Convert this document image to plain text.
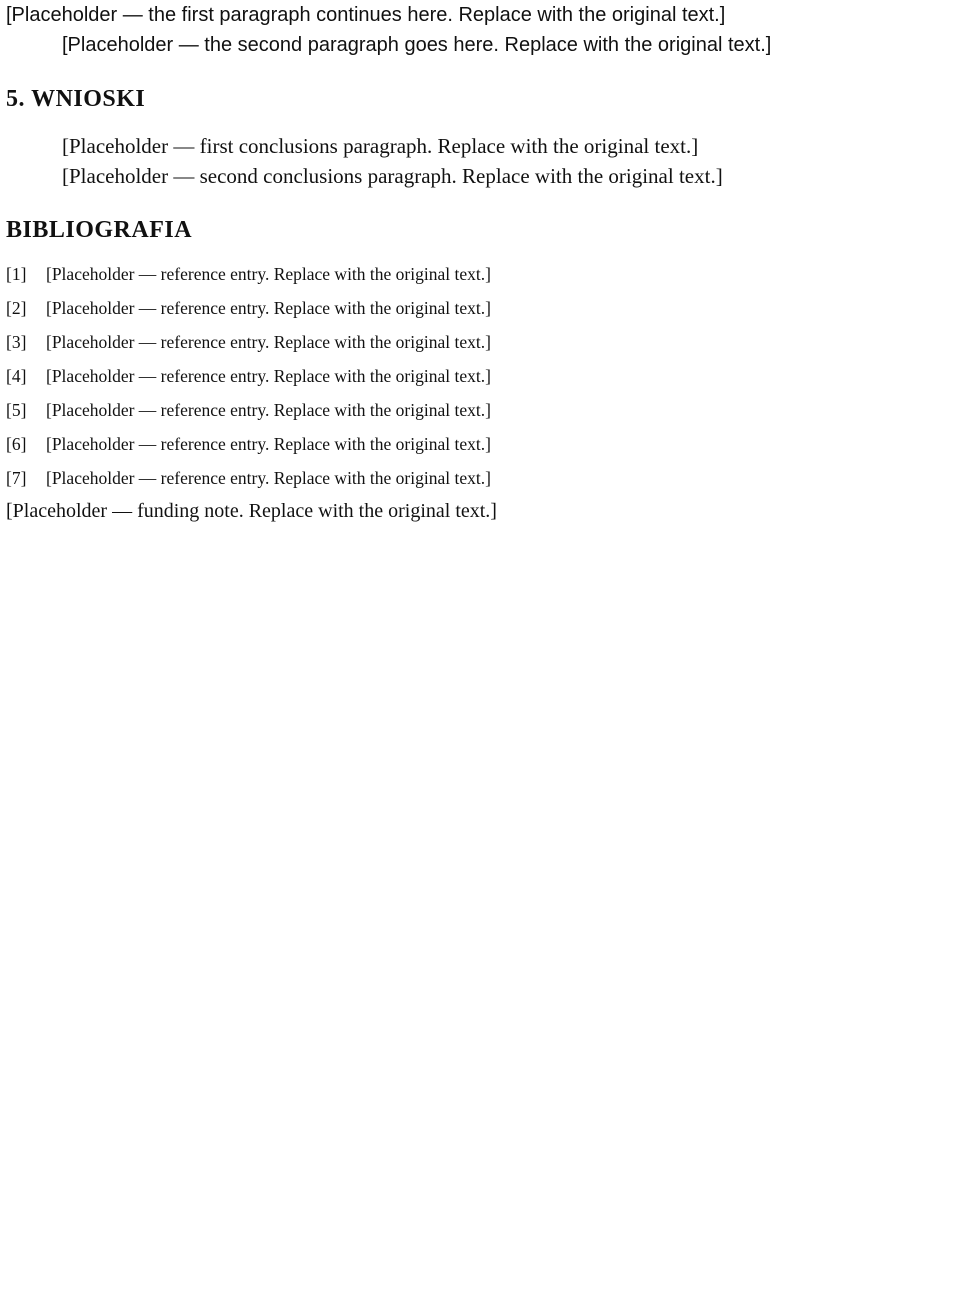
[Placeholder — the first paragraph continues here. Replace with the original text.]

[Placeholder — the second paragraph goes here. Replace with the original text.]

5. WNIOSKI

[Placeholder — first conclusions paragraph. Replace with the original text.]

[Placeholder — second conclusions paragraph. Replace with the original text.]

BIBLIOGRAFIA
[1]	[Placeholder — reference entry. Replace with the original text.]
[2]	[Placeholder — reference entry. Replace with the original text.]
[3]	[Placeholder — reference entry. Replace with the original text.]
[4]	[Placeholder — reference entry. Replace with the original text.]
[5]	[Placeholder — reference entry. Replace with the original text.]
[6]	[Placeholder — reference entry. Replace with the original text.]
[7]	[Placeholder — reference entry. Replace with the original text.]
[Placeholder — funding note. Replace with the original text.]
